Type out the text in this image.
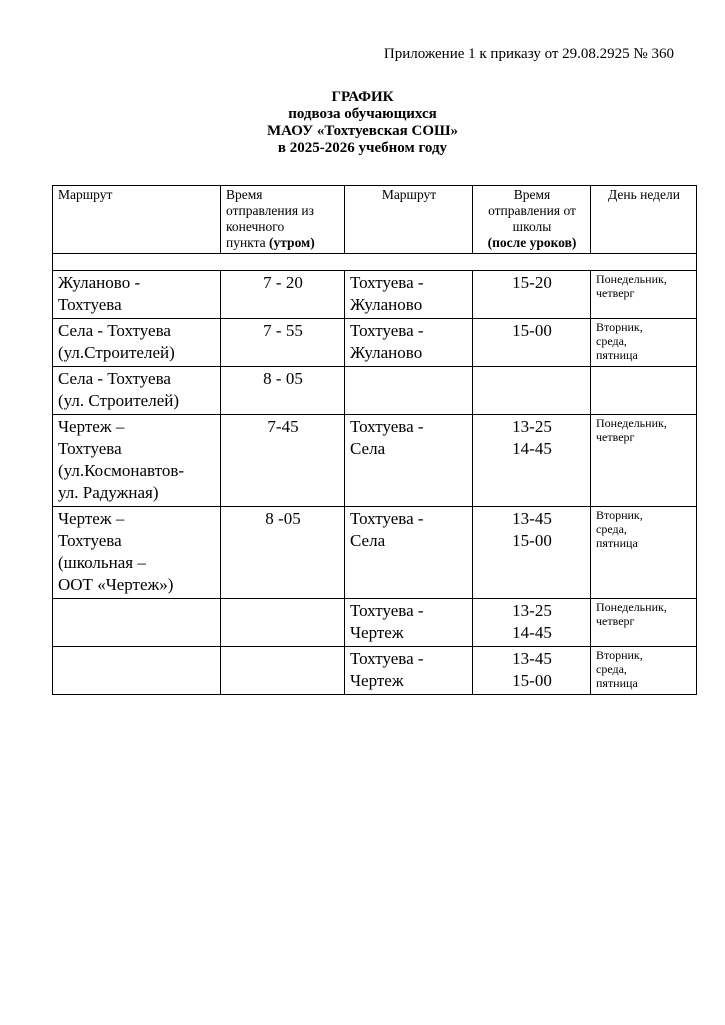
Приложение 1 к приказу от 29.08.2925 № 360
ГРАФИК
подвоза обучающихся
МАОУ «Тохтуевская СОШ»
в 2025-2026 учебном году
Маршрут	Время
отправления из
конечного
пункта (утром)	Маршрут	Время
отправления от
школы
(после уроков)	День недели

Жуланово -
Тохтуева	7 - 20	Тохтуева -
Жуланово	15-20	Понедельник,
четверг

Села - Тохтуева
(ул.Строителей)	7 - 55	Тохтуева -
Жуланово	15-00	Вторник,
среда,
пятница

Села - Тохтуева
(ул. Строителей)	8 - 05			

Чертеж –
Тохтуева
(ул.Космонавтов-
ул. Радужная)	7-45	Тохтуева -
Села	13-25
14-45	Понедельник,
четверг

Чертеж –
Тохтуева
(школьная –
ООТ «Чертеж»)	8 -05	Тохтуева -
Села	13-45
15-00	Вторник,
среда,
пятница

		Тохтуева -
Чертеж	13-25
14-45	Понедельник,
четверг

		Тохтуева -
Чертеж	13-45
15-00	Вторник,
среда,
пятница
